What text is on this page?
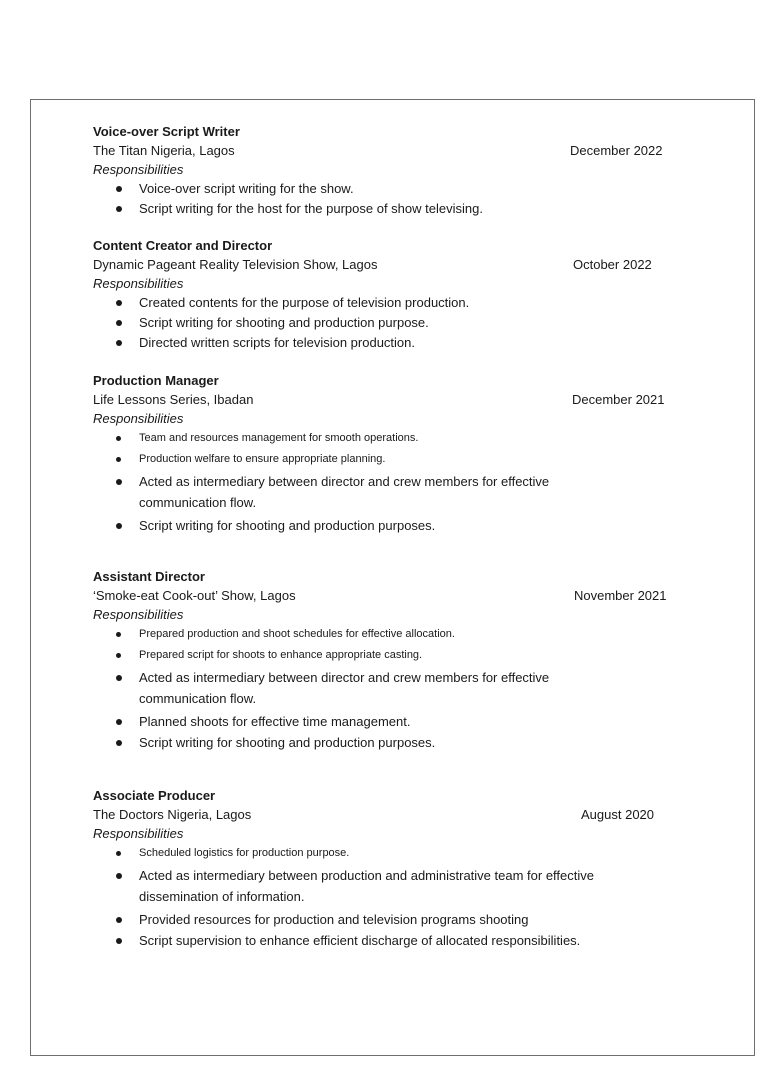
Voice-over Script Writer
The Titan Nigeria, Lagos	December 2022
Responsibilities
Voice-over script writing for the show.
Script writing for the host for the purpose of show televising.
Content Creator and Director
Dynamic Pageant Reality Television Show, Lagos	October 2022
Responsibilities
Created contents for the purpose of television production.
Script writing for shooting and production purpose.
Directed written scripts for television production.
Production Manager
Life Lessons Series, Ibadan	December 2021
Responsibilities
Team and resources management for smooth operations.
Production welfare to ensure appropriate planning.
Acted as intermediary between director and crew members for effective communication flow.
Script writing for shooting and production purposes.
Assistant Director
‘Smoke-eat Cook-out’ Show, Lagos	November 2021
Responsibilities
Prepared production and shoot schedules for effective allocation.
Prepared script for shoots to enhance appropriate casting.
Acted as intermediary between director and crew members for effective communication flow.
Planned shoots for effective time management.
Script writing for shooting and production purposes.
Associate Producer
The Doctors Nigeria, Lagos	August 2020
Responsibilities
Scheduled logistics for production purpose.
Acted as intermediary between production and administrative team for effective dissemination of information.
Provided resources for production and television programs shooting
Script supervision to enhance efficient discharge of allocated responsibilities.
